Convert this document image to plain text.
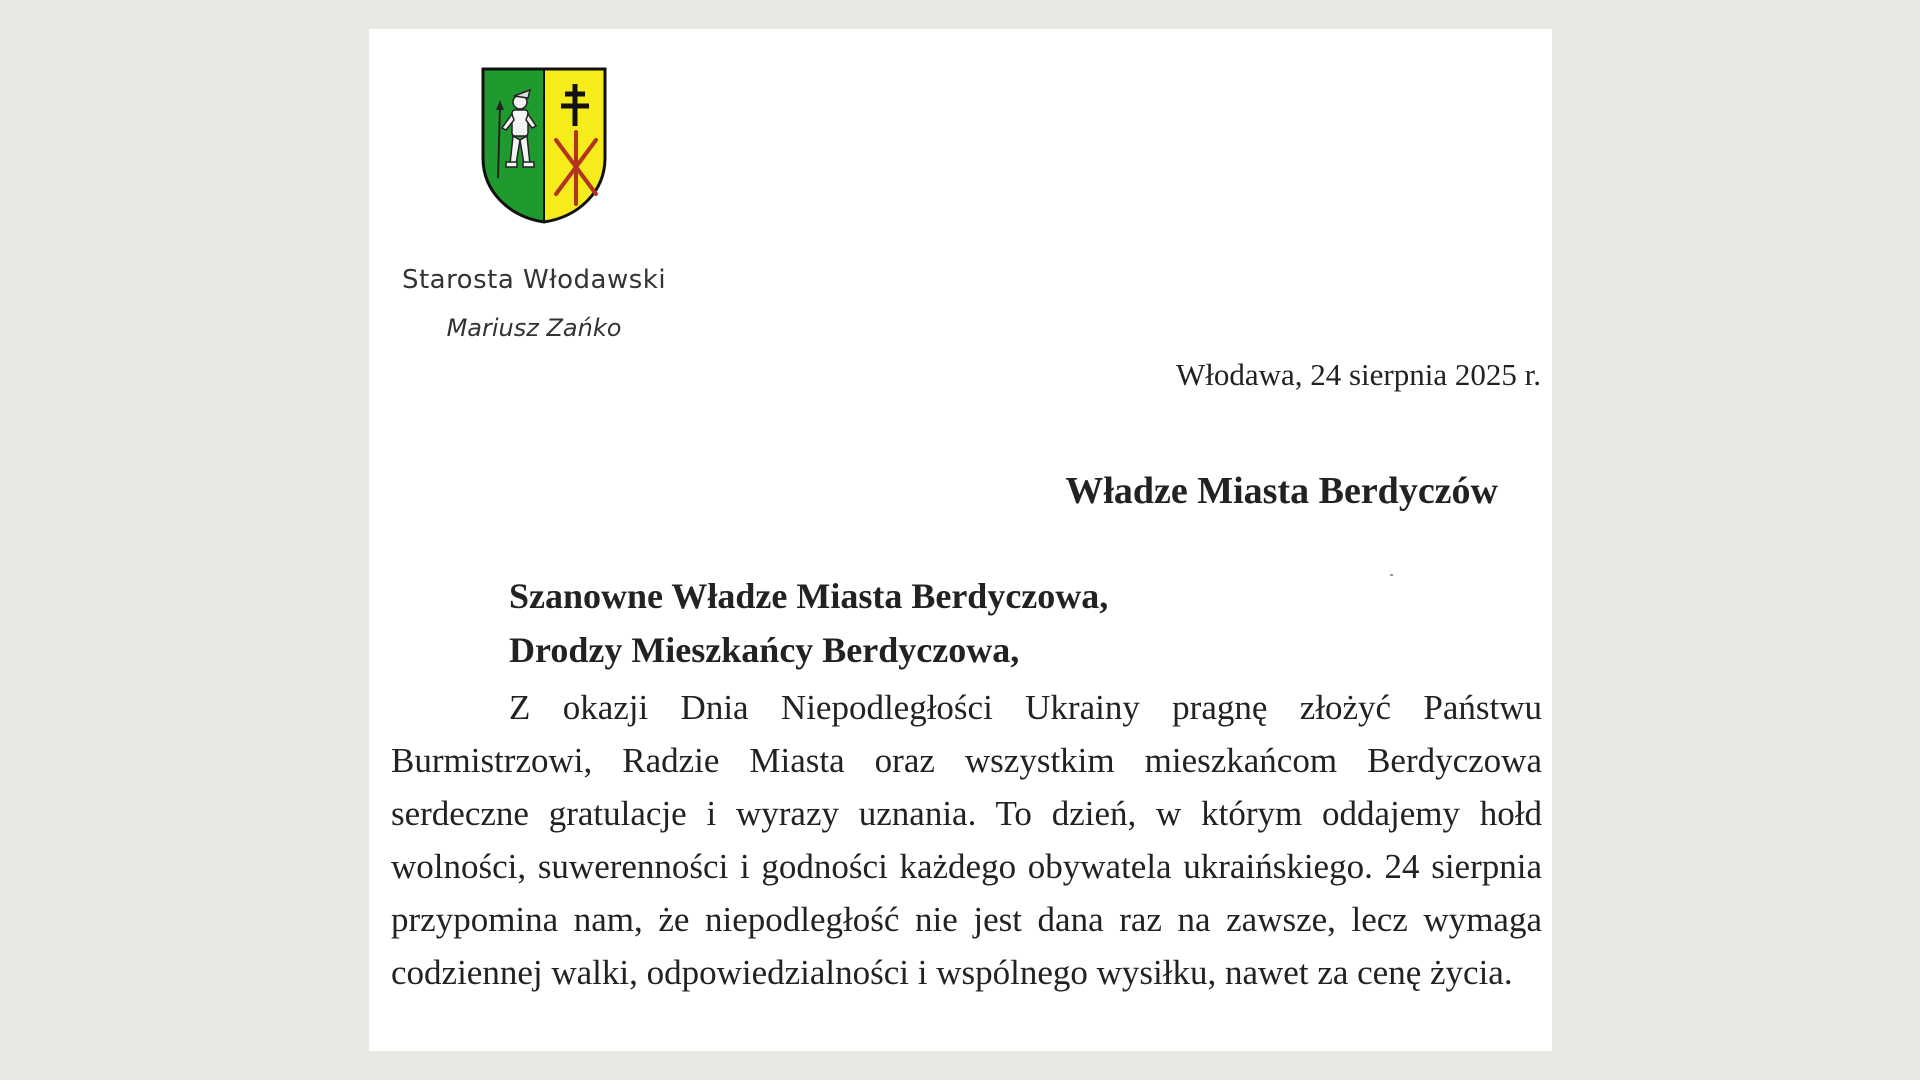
Starosta Włodawski
Mariusz Zańko
Włodawa, 24 sierpnia 2025 r.
Władze Miasta Berdyczów
Szanowne Władze Miasta Berdyczowa,
Drodzy Mieszkańcy Berdyczowa,

Z okazji Dnia Niepodległości Ukrainy pragnę złożyć Państwu Burmistrzowi, Radzie Miasta oraz wszystkim mieszkańcom Berdyczowa serdeczne gratulacje i wyrazy uznania. To dzień, w którym oddajemy hołd wolności, suwerenności i godności każdego obywatela ukraińskiego. 24 sierpnia przypomina nam, że niepodległość nie jest dana raz na zawsze, lecz wymaga codziennej walki, odpowiedzialności i wspólnego wysiłku, nawet za cenę życia.
